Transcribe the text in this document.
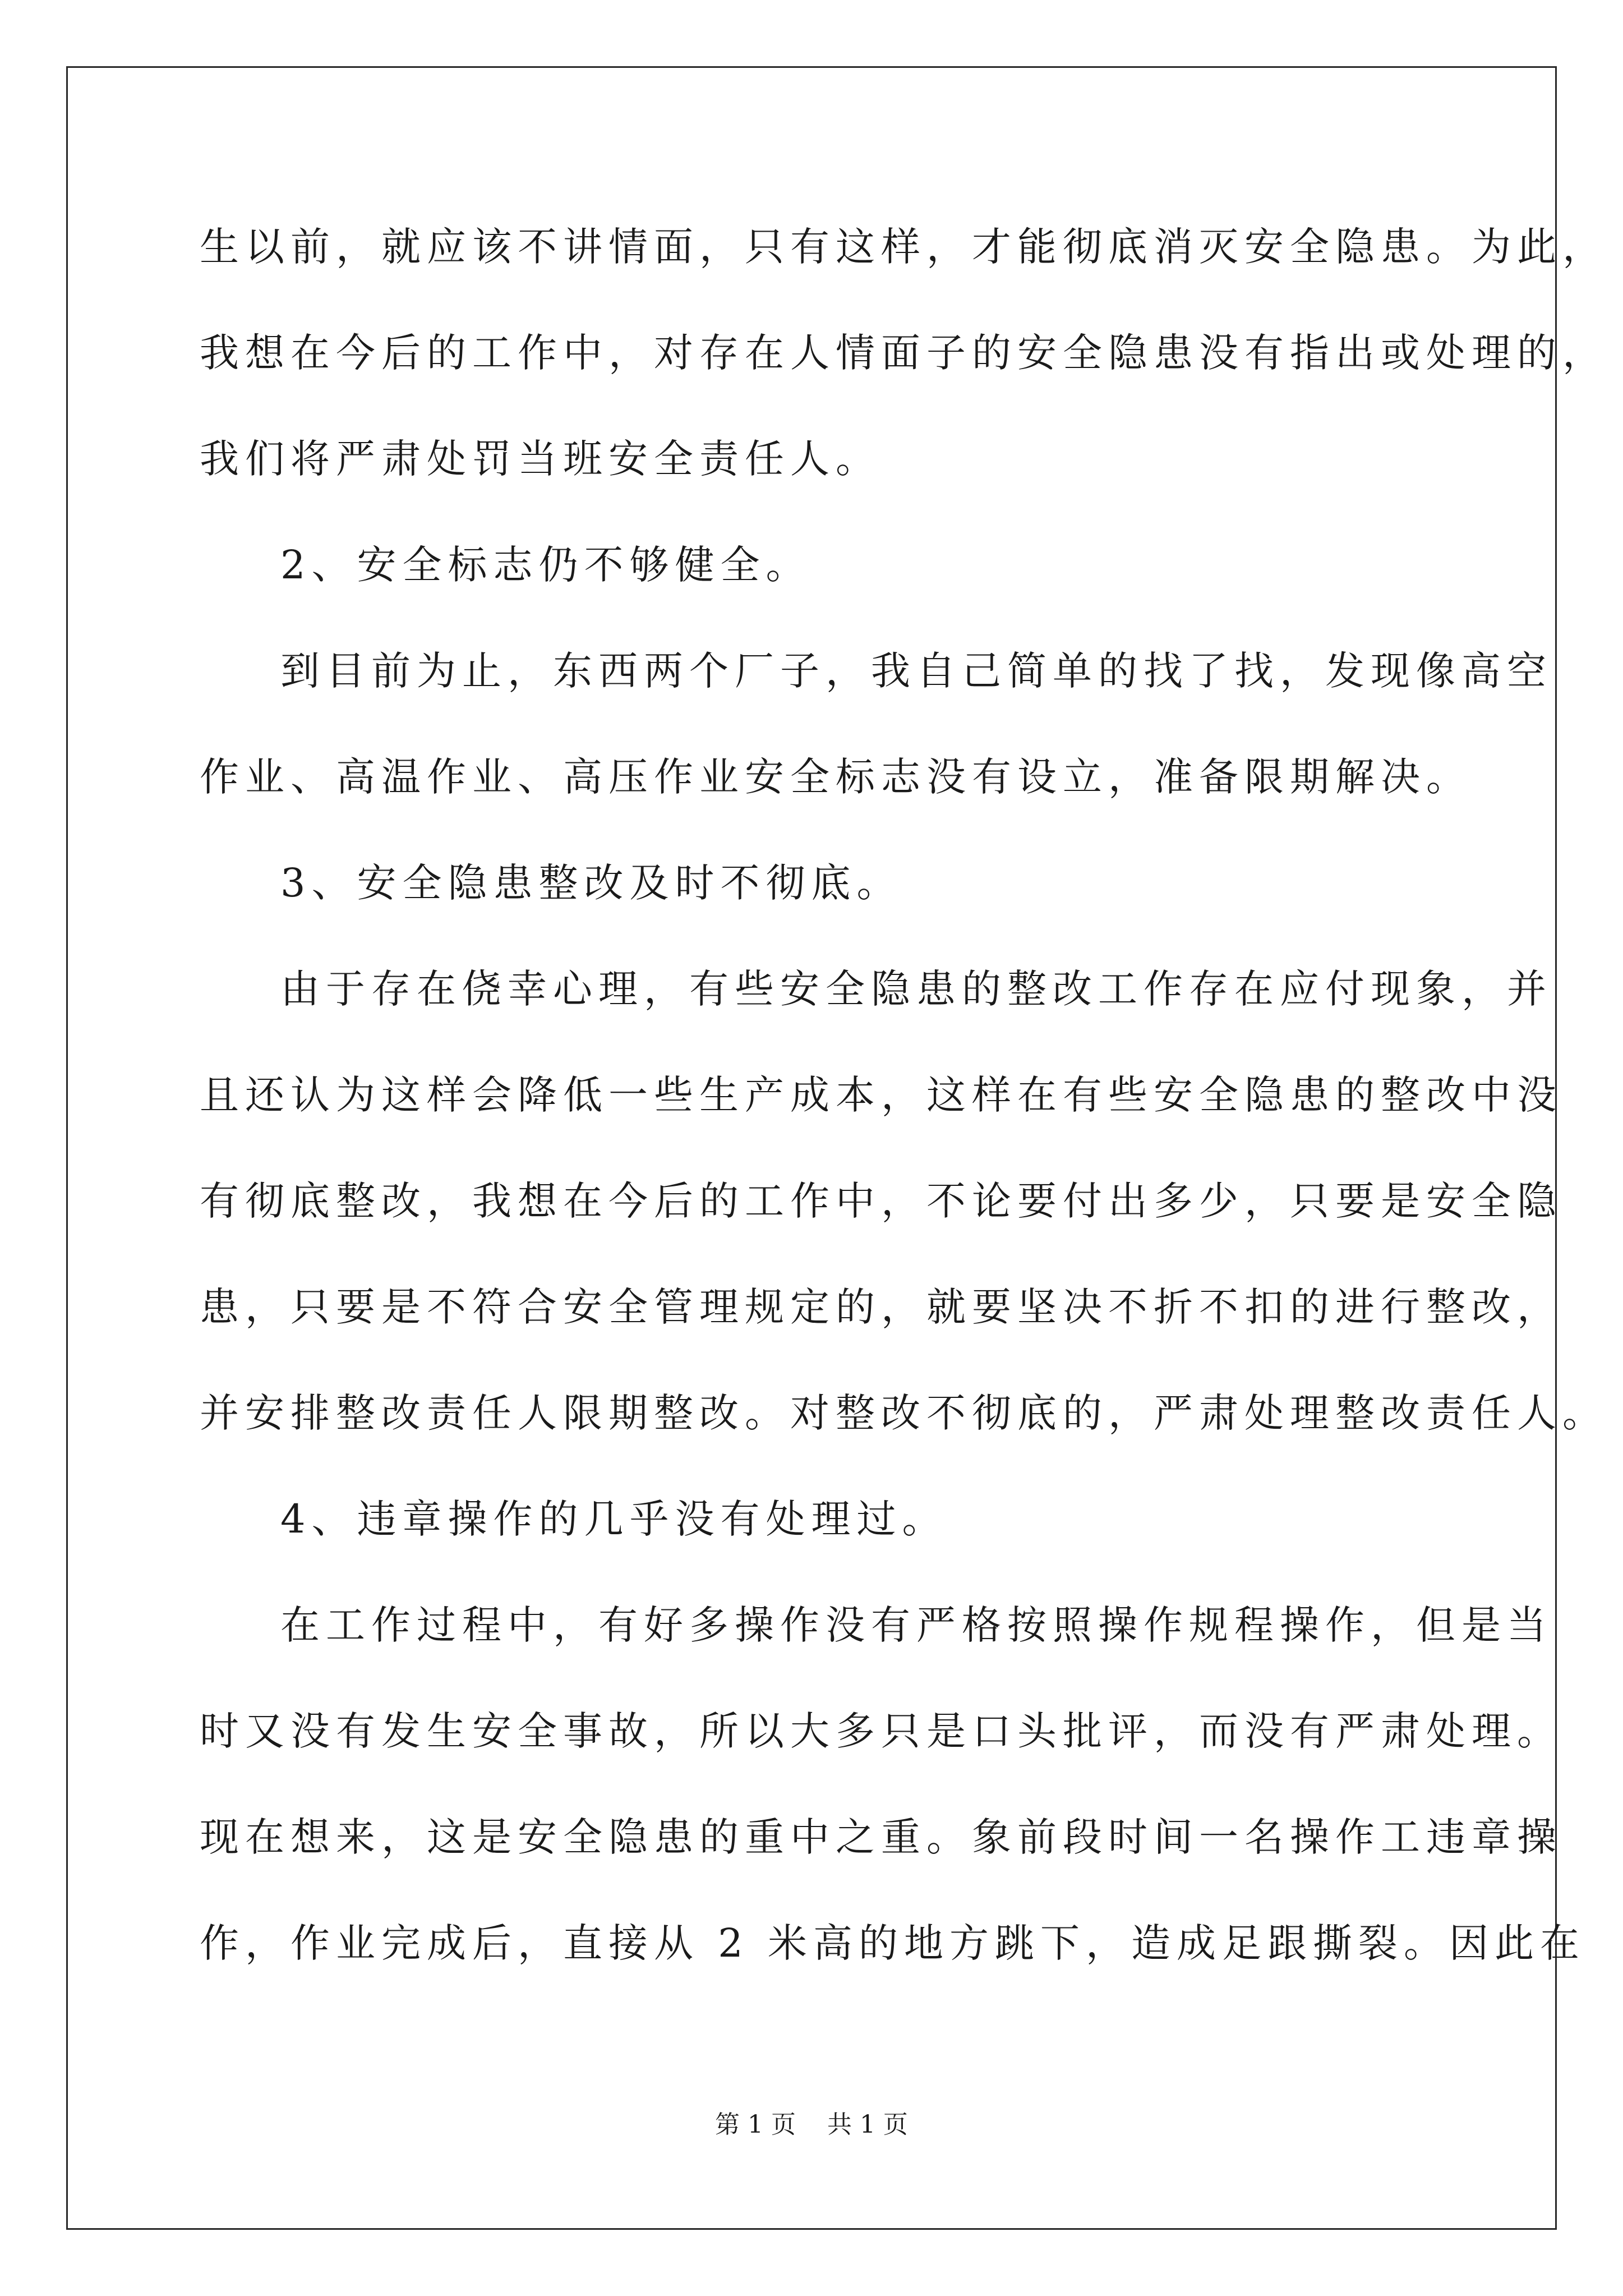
生以前，就应该不讲情面，只有这样，才能彻底消灭安全隐患。为此，
我想在今后的工作中，对存在人情面子的安全隐患没有指出或处理的，
我们将严肃处罚当班安全责任人。
2、安全标志仍不够健全。
到目前为止，东西两个厂子，我自己简单的找了找，发现像高空
作业、高温作业、高压作业安全标志没有设立，准备限期解决。
3、安全隐患整改及时不彻底。
由于存在侥幸心理，有些安全隐患的整改工作存在应付现象，并
且还认为这样会降低一些生产成本，这样在有些安全隐患的整改中没
有彻底整改，我想在今后的工作中，不论要付出多少，只要是安全隐
患，只要是不符合安全管理规定的，就要坚决不折不扣的进行整改，
并安排整改责任人限期整改。对整改不彻底的，严肃处理整改责任人。
4、违章操作的几乎没有处理过。
在工作过程中，有好多操作没有严格按照操作规程操作，但是当
时又没有发生安全事故，所以大多只是口头批评，而没有严肃处理。
现在想来，这是安全隐患的重中之重。象前段时间一名操作工违章操
作，作业完成后，直接从 2 米高的地方跳下，造成足跟撕裂。因此在
第 1 页    共 1 页
